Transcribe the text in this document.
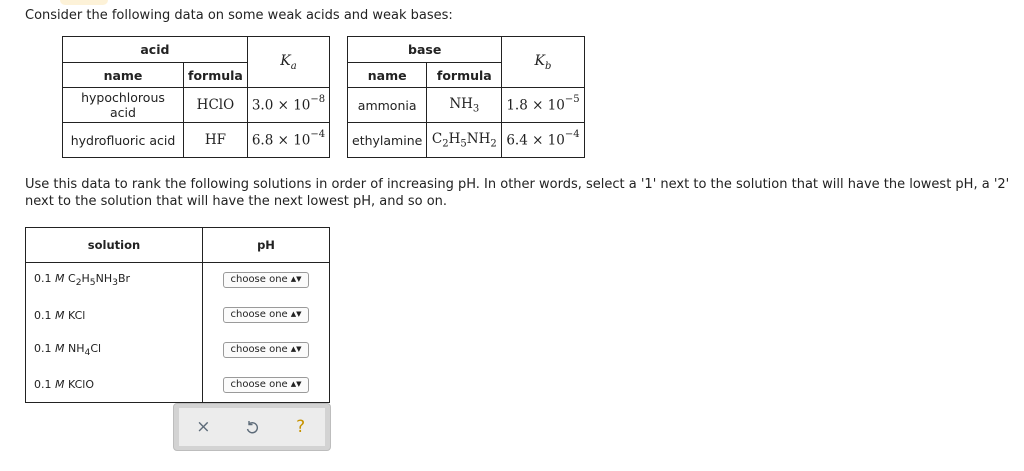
Consider the following data on some weak acids and weak bases:
acid		$K_a$
name	formula	
hypochlorous acid	HClO	$3.0 \times 10^{-8}$
hydrofluoric acid	HF	$6.8 \times 10^{-4}$
base		$K_b$
name	formula	
ammonia	$NH_3$	$1.8 \times 10^{-5}$
ethylamine	$C_2H_5NH_2$	$6.4 \times 10^{-4}$
Use this data to rank the following solutions in order of increasing pH. In other words, select a '1' next to the solution that will have the lowest pH, a '2' next to the solution that will have the next lowest pH, and so on.
solution	pH
0.1 M $C_2H_5NH_3Br$	choose one ▲▼
0.1 M KCl	choose one ▲▼
0.1 M $NH_4Cl$	choose one ▲▼
0.1 M KClO	choose one ▲▼
×	?
